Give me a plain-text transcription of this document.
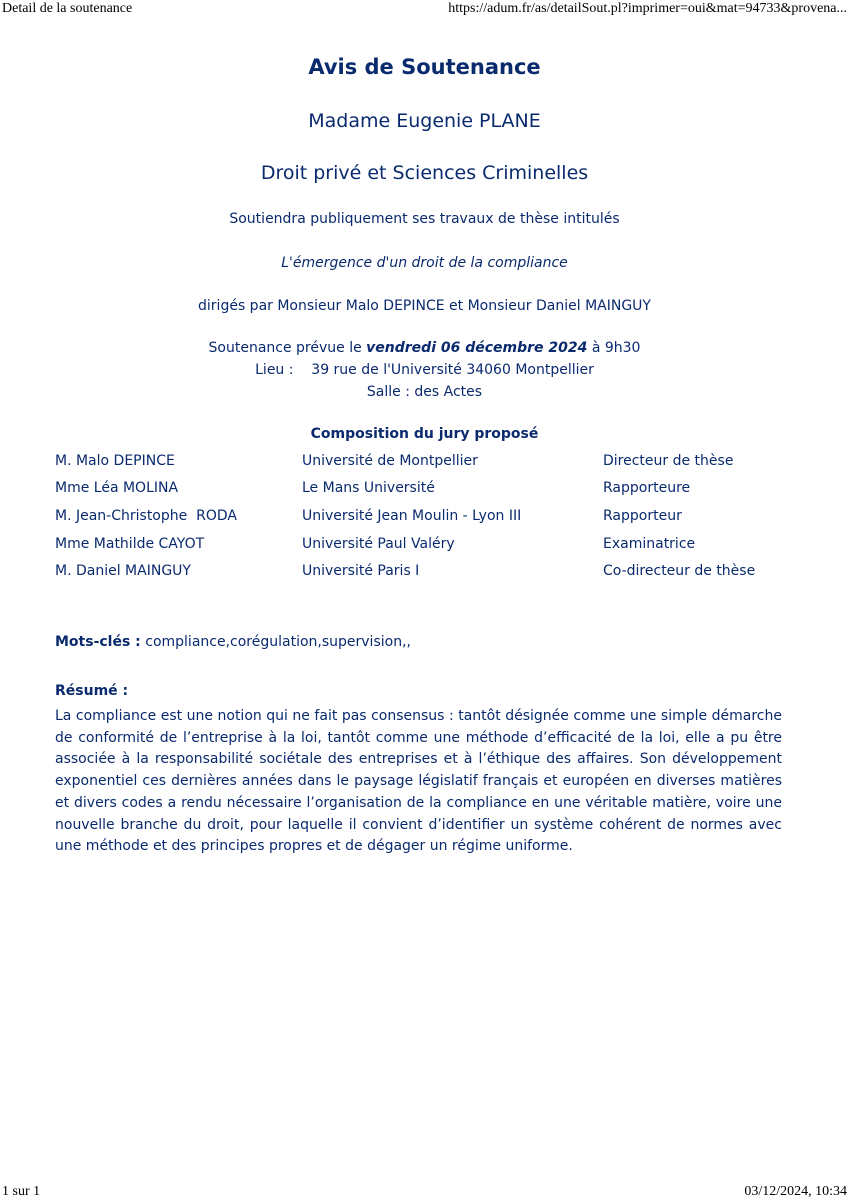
Detail de la soutenance	https://adum.fr/as/detailSout.pl?imprimer=oui&mat=94733&provena...
Avis de Soutenance
Madame Eugenie PLANE
Droit privé et Sciences Criminelles
Soutiendra publiquement ses travaux de thèse intitulés
L'émergence d'un droit de la compliance
dirigés par Monsieur Malo DEPINCE et Monsieur Daniel MAINGUY
Soutenance prévue le vendredi 06 décembre 2024 à 9h30
Lieu : 39 rue de l'Université 34060 Montpellier
Salle : des Actes
Composition du jury proposé
M. Malo DEPINCE	Université de Montpellier	Directeur de thèse
Mme Léa MOLINA	Le Mans Université	Rapporteure
M. Jean-Christophe  RODA	Université Jean Moulin - Lyon III	Rapporteur
Mme Mathilde CAYOT	Université Paul Valéry	Examinatrice
M. Daniel MAINGUY	Université Paris I	Co-directeur de thèse
Mots-clés : compliance,corégulation,supervision,,
Résumé :

La compliance est une notion qui ne fait pas consensus : tantôt désignée comme une simple démarche de conformité de l’entreprise à la loi, tantôt comme une méthode d’efficacité de la loi, elle a pu être associée à la responsabilité sociétale des entreprises et à l’éthique des affaires. Son développement exponentiel ces dernières années dans le paysage législatif français et européen en diverses matières et divers codes a rendu nécessaire l’organisation de la compliance en une véritable matière, voire une nouvelle branche du droit, pour laquelle il convient d’identifier un système cohérent de normes avec une méthode et des principes propres et de dégager un régime uniforme.

1 sur 1	03/12/2024, 10:34
